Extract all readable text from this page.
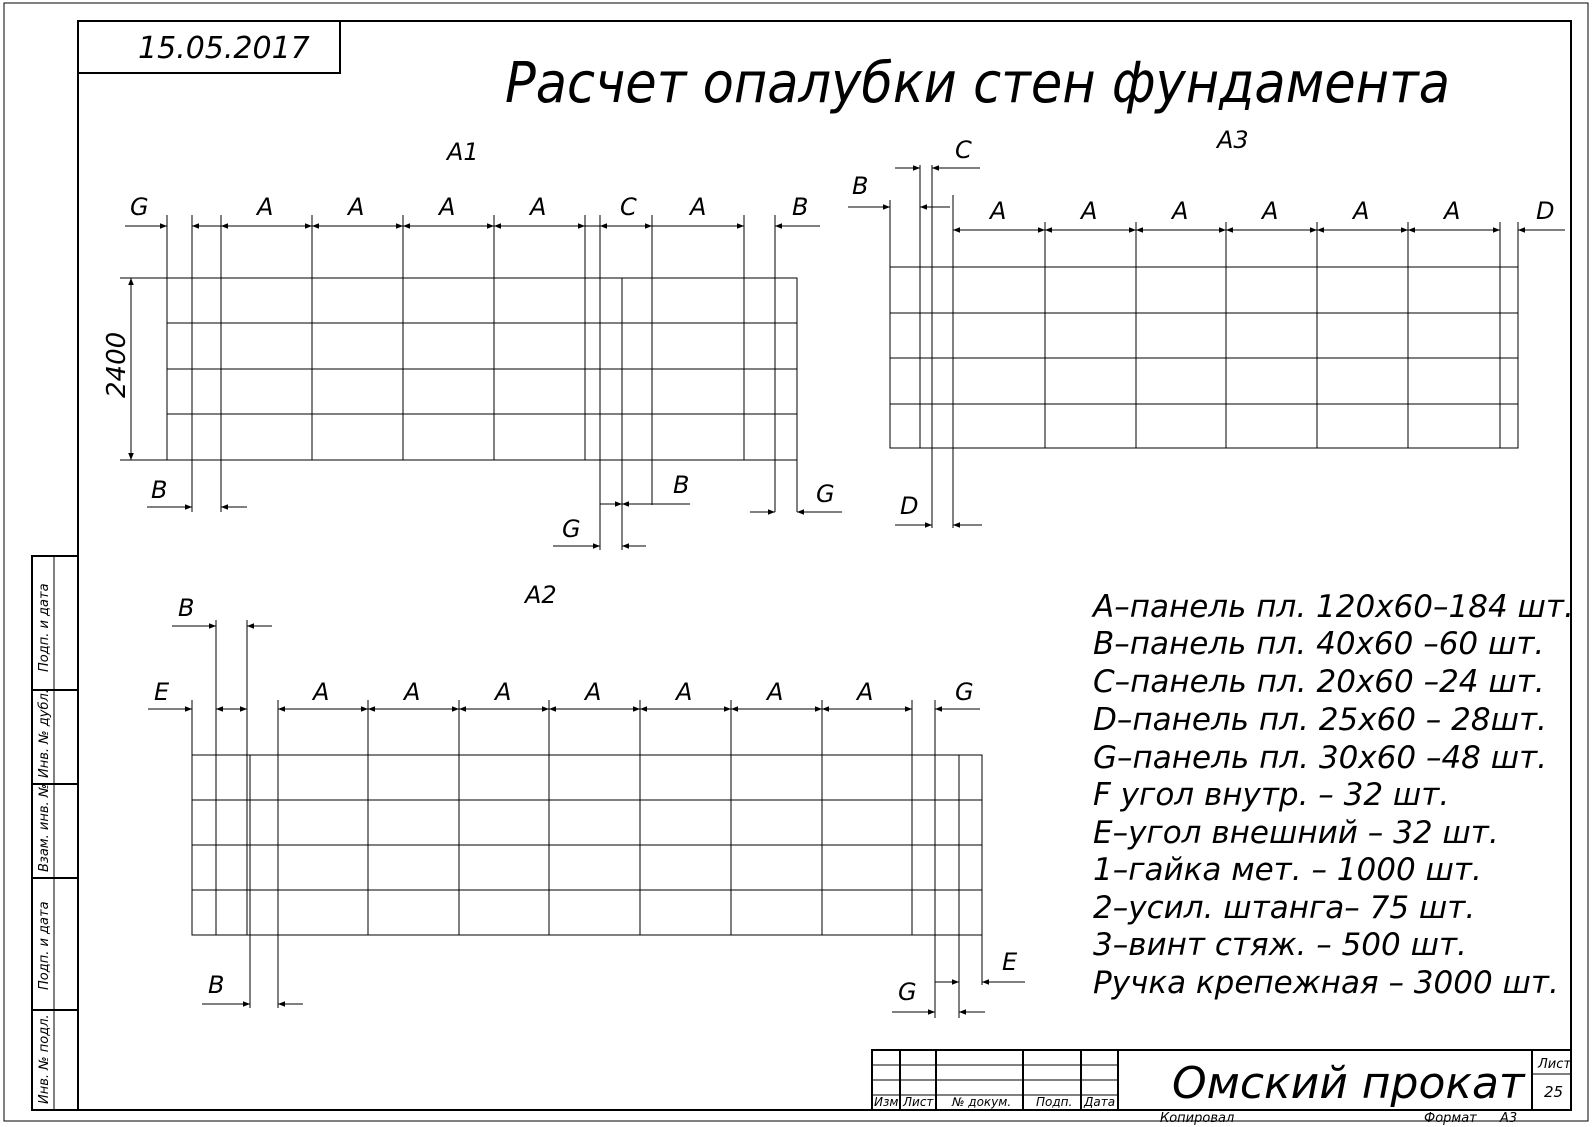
15.05.2017
Расчет опалубки стен фундамента
Подп. и дата
Инв. № дубл.
Взам. инв. №
Подп. и дата
Инв. № подл.
A1
2400
G	A	A	A	A	C A	B
B
G
B	G
A3
C
B
A	A	A	A	A	A	D
D
A2
B
E	A	A	A	A	A	A	A	G
B	G
E
A–панель пл. 120х60–184 шт.
B–панель пл. 40х60 –60 шт.
C–панель пл. 20х60 –24 шт.
D–панель пл. 25х60 – 28шт.
G–панель пл. 30х60 –48 шт.
F угол внутр. – 32 шт.
E–угол внешний – 32 шт.
1–гайка мет. – 1000 шт.
2–усил. штанга– 75 шт.
3–винт стяж. – 500 шт.
Ручка крепежная – 3000 шт.
Изм. Лист № докум. Подп. Дата Омский прокат Лист
25
Копировал	Формат А3
